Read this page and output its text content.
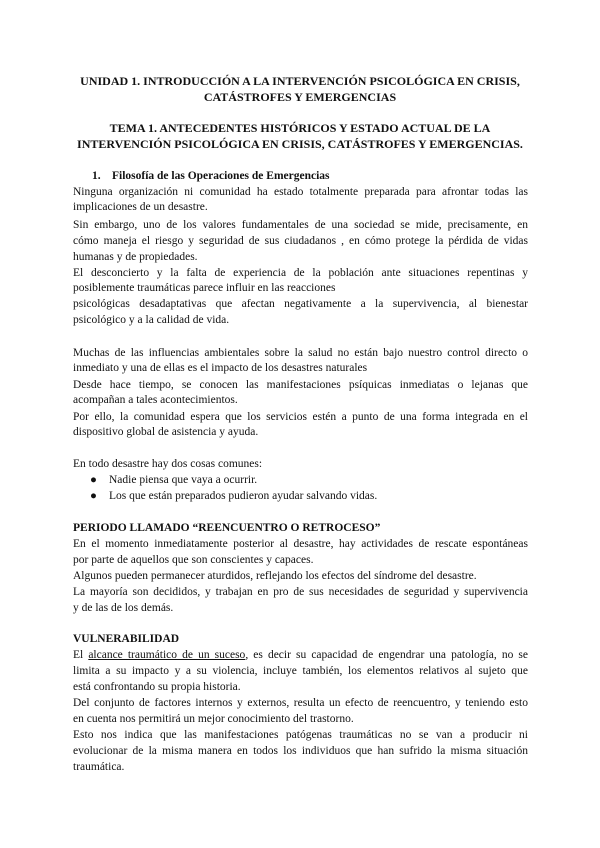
UNIDAD 1. INTRODUCCIÓN A LA INTERVENCIÓN PSICOLÓGICA EN CRISIS,
CATÁSTROFES Y EMERGENCIAS
TEMA 1. ANTECEDENTES HISTÓRICOS Y ESTADO ACTUAL DE LA
INTERVENCIÓN PSICOLÓGICA EN CRISIS, CATÁSTROFES Y EMERGENCIAS.
1. Filosofía de las Operaciones de Emergencias
Ninguna organización ni comunidad ha estado totalmente preparada para afrontar todas las
implicaciones de un desastre.
Sin embargo, uno de los valores fundamentales de una sociedad se mide, precisamente, en
cómo maneja el riesgo y seguridad de sus ciudadanos , en cómo protege la pérdida de vidas
humanas y de propiedades.
El desconcierto y la falta de experiencia de la población ante situaciones repentinas y
posiblemente traumáticas parece influir en las reacciones
psicológicas desadaptativas que afectan negativamente a la supervivencia, al bienestar
psicológico y a la calidad de vida.
Muchas de las influencias ambientales sobre la salud no están bajo nuestro control directo o
inmediato y una de ellas es el impacto de los desastres naturales
Desde hace tiempo, se conocen las manifestaciones psíquicas inmediatas o lejanas que
acompañan a tales acontecimientos.
Por ello, la comunidad espera que los servicios estén a punto de una forma integrada en el
dispositivo global de asistencia y ayuda.
En todo desastre hay dos cosas comunes:
● Nadie piensa que vaya a ocurrir.
● Los que están preparados pudieron ayudar salvando vidas.
PERIODO LLAMADO “REENCUENTRO O RETROCESO”
En el momento inmediatamente posterior al desastre, hay actividades de rescate espontáneas
por parte de aquellos que son conscientes y capaces.
Algunos pueden permanecer aturdidos, reflejando los efectos del síndrome del desastre.
La mayoría son decididos, y trabajan en pro de sus necesidades de seguridad y supervivencia
y de las de los demás.
VULNERABILIDAD
El alcance traumático de un suceso, es decir su capacidad de engendrar una patología, no se
limita a su impacto y a su violencia, incluye también, los elementos relativos al sujeto que
está confrontando su propia historia.
Del conjunto de factores internos y externos, resulta un efecto de reencuentro, y teniendo esto
en cuenta nos permitirá un mejor conocimiento del trastorno.
Esto nos indica que las manifestaciones patógenas traumáticas no se van a producir ni
evolucionar de la misma manera en todos los individuos que han sufrido la misma situación
traumática.
